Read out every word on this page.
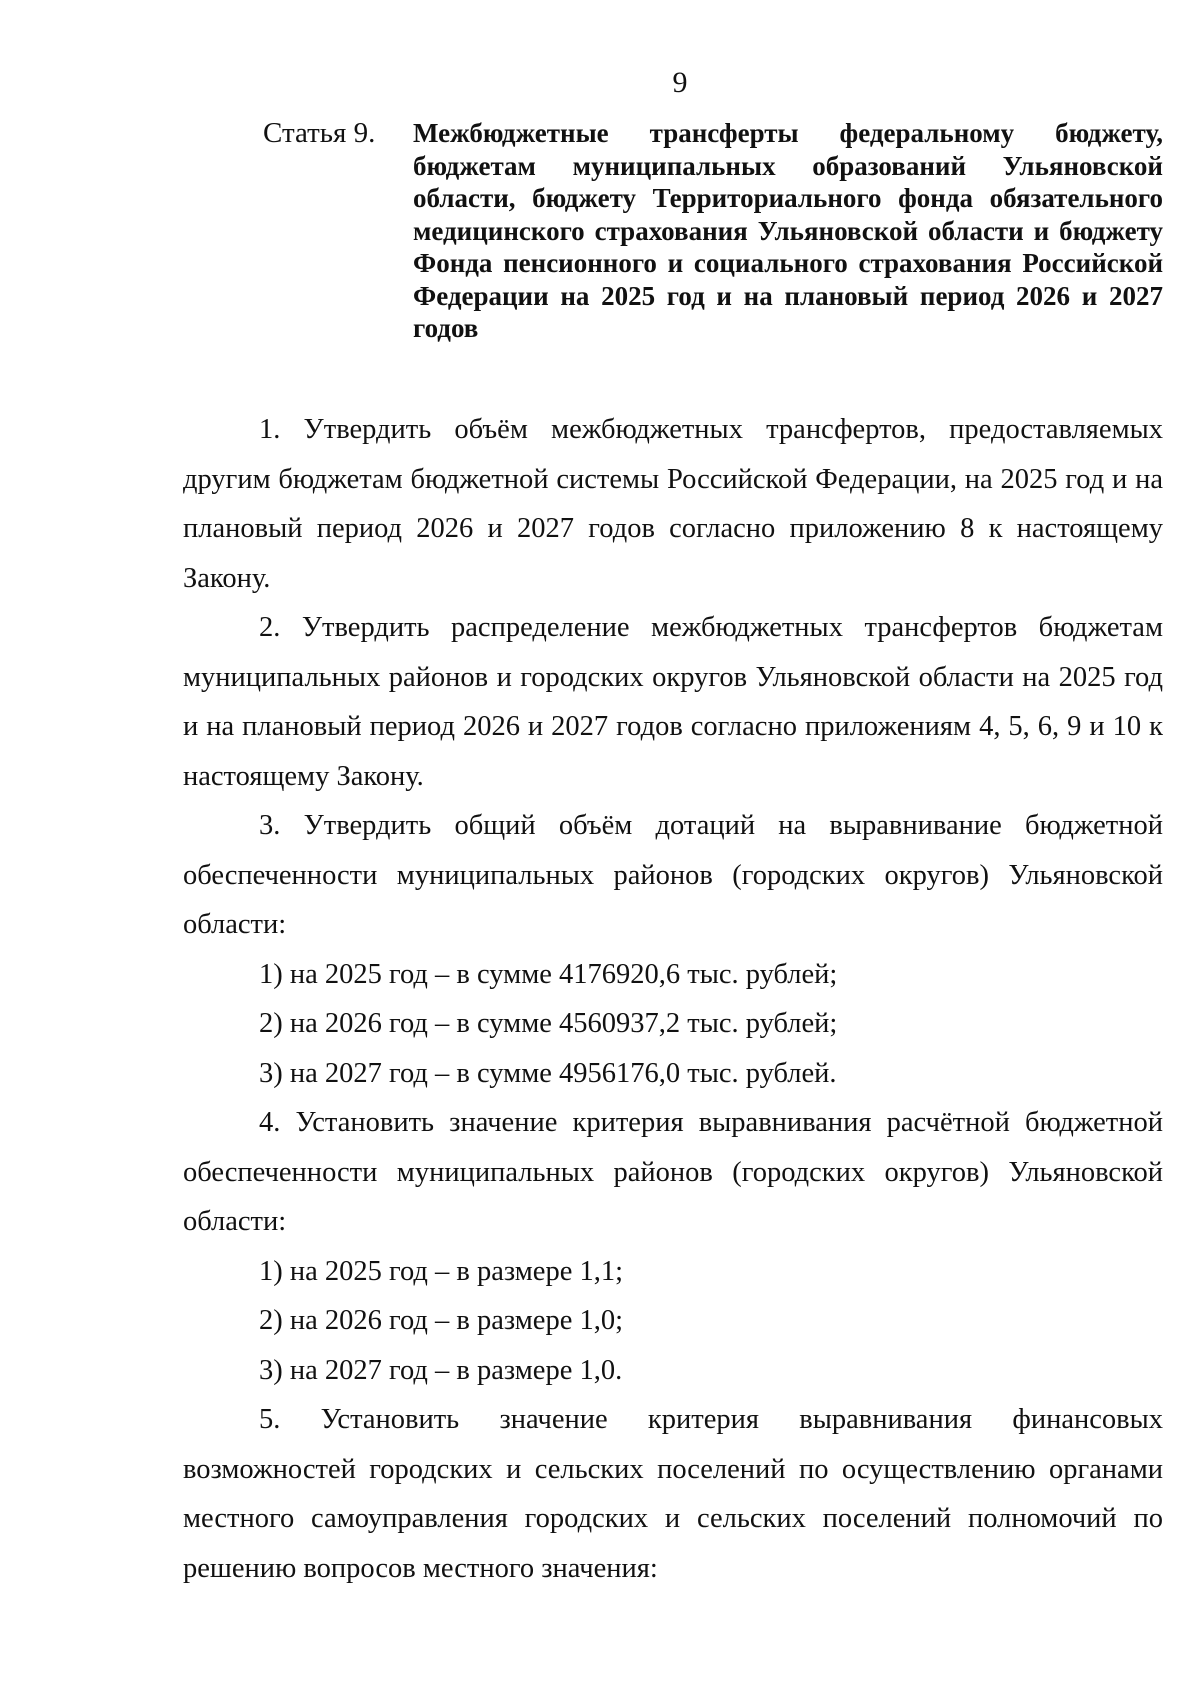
9
Статья 9.	Межбюджетные трансферты федеральному бюджету, бюджетам муниципальных образований Ульяновской области, бюджету Территориального фонда обязательного медицинского страхования Ульяновской области и бюджету Фонда пенсионного и социального страхования Российской Федерации на 2025 год и на плановый период 2026 и 2027 годов

1. Утвердить объём межбюджетных трансфертов, предоставляемых другим бюджетам бюджетной системы Российской Федерации, на 2025 год и на плановый период 2026 и 2027 годов согласно приложению 8 к настоящему Закону.

2. Утвердить распределение межбюджетных трансфертов бюджетам муниципальных районов и городских округов Ульяновской области на 2025 год и на плановый период 2026 и 2027 годов согласно приложениям 4, 5, 6, 9 и 10 к настоящему Закону.

3. Утвердить общий объём дотаций на выравнивание бюджетной обеспеченности муниципальных районов (городских округов) Ульяновской области:

1) на 2025 год – в сумме 4176920,6 тыс. рублей;

2) на 2026 год – в сумме 4560937,2 тыс. рублей;

3) на 2027 год – в сумме 4956176,0 тыс. рублей.

4. Установить значение критерия выравнивания расчётной бюджетной обеспеченности муниципальных районов (городских округов) Ульяновской области:

1) на 2025 год – в размере 1,1;

2) на 2026 год – в размере 1,0;

3) на 2027 год – в размере 1,0.

5. Установить значение критерия выравнивания финансовых возможностей городских и сельских поселений по осуществлению органами местного самоуправления городских и сельских поселений полномочий по решению вопросов местного значения:
